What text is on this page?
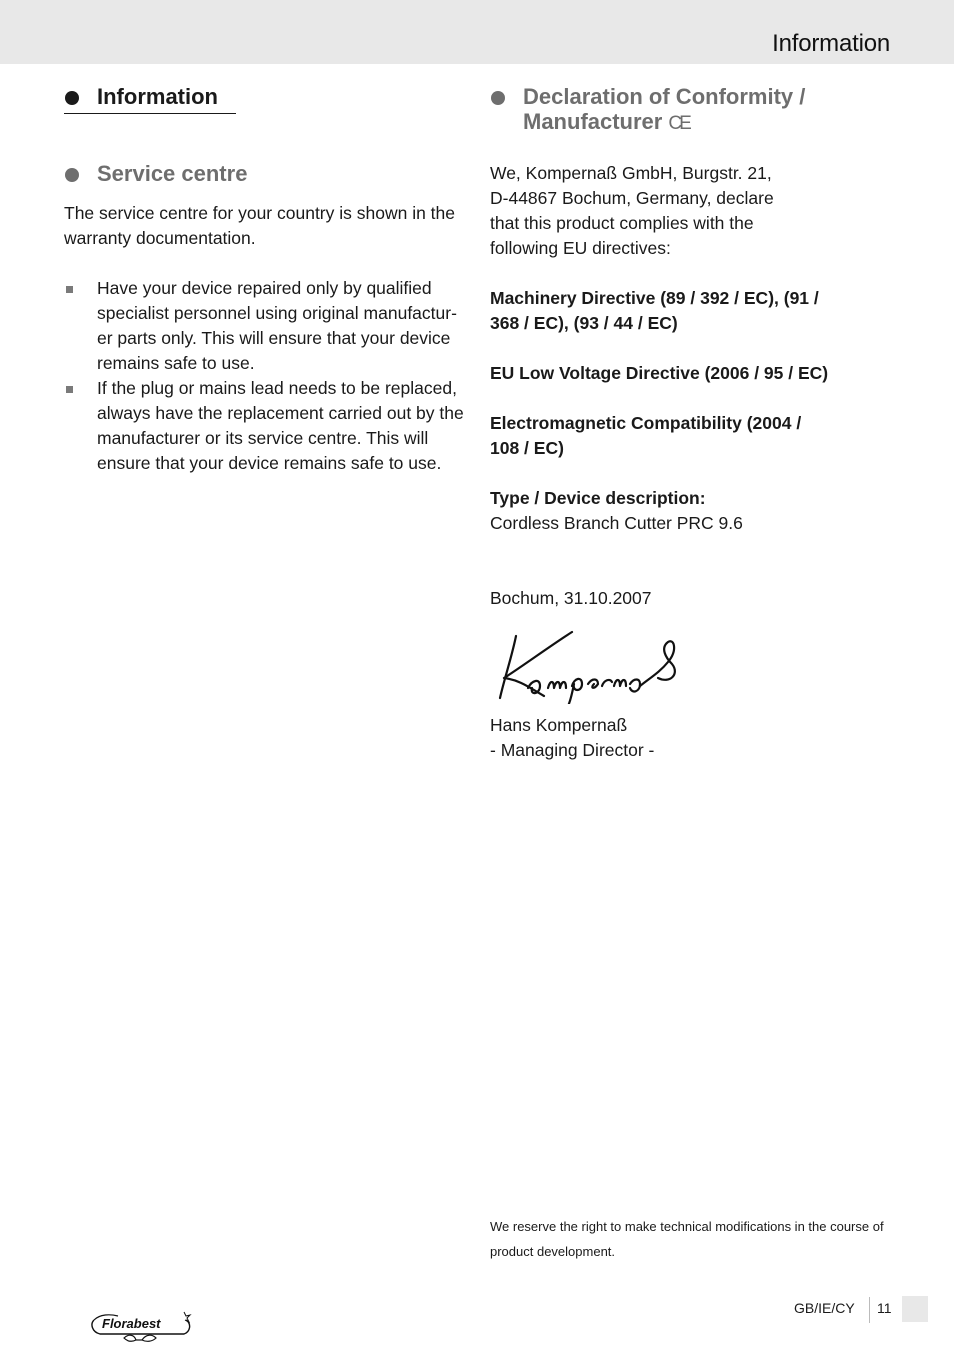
Information
Information
Service centre

The service centre for your country is shown in the warranty documentation.

Have your device repaired only by qualified specialist personnel using original manufactur-er parts only. This will ensure that your device remains safe to use.
If the plug or mains lead needs to be replaced, always have the replacement carried out by the manufacturer or its service centre. This will ensure that your device remains safe to use.
Declaration of Conformity /
Manufacturer CE

We, Kompernaß GmbH, Burgstr. 21, D-44867 Bochum, Germany, declare that this product complies with the following EU directives:

Machinery Directive (89 / 392 / EC), (91 / 368 / EC), (93 / 44 / EC)

EU Low Voltage Directive (2006 / 95 / EC)

Electromagnetic Compatibility (2004 / 108 / EC)

Type / Device description:

Cordless Branch Cutter PRC 9.6

Bochum, 31.10.2007

Hans Kompernaß

- Managing Director -

We reserve the right to make technical modifications in the course of product development.
Florabest
GB/IE/CY 11
